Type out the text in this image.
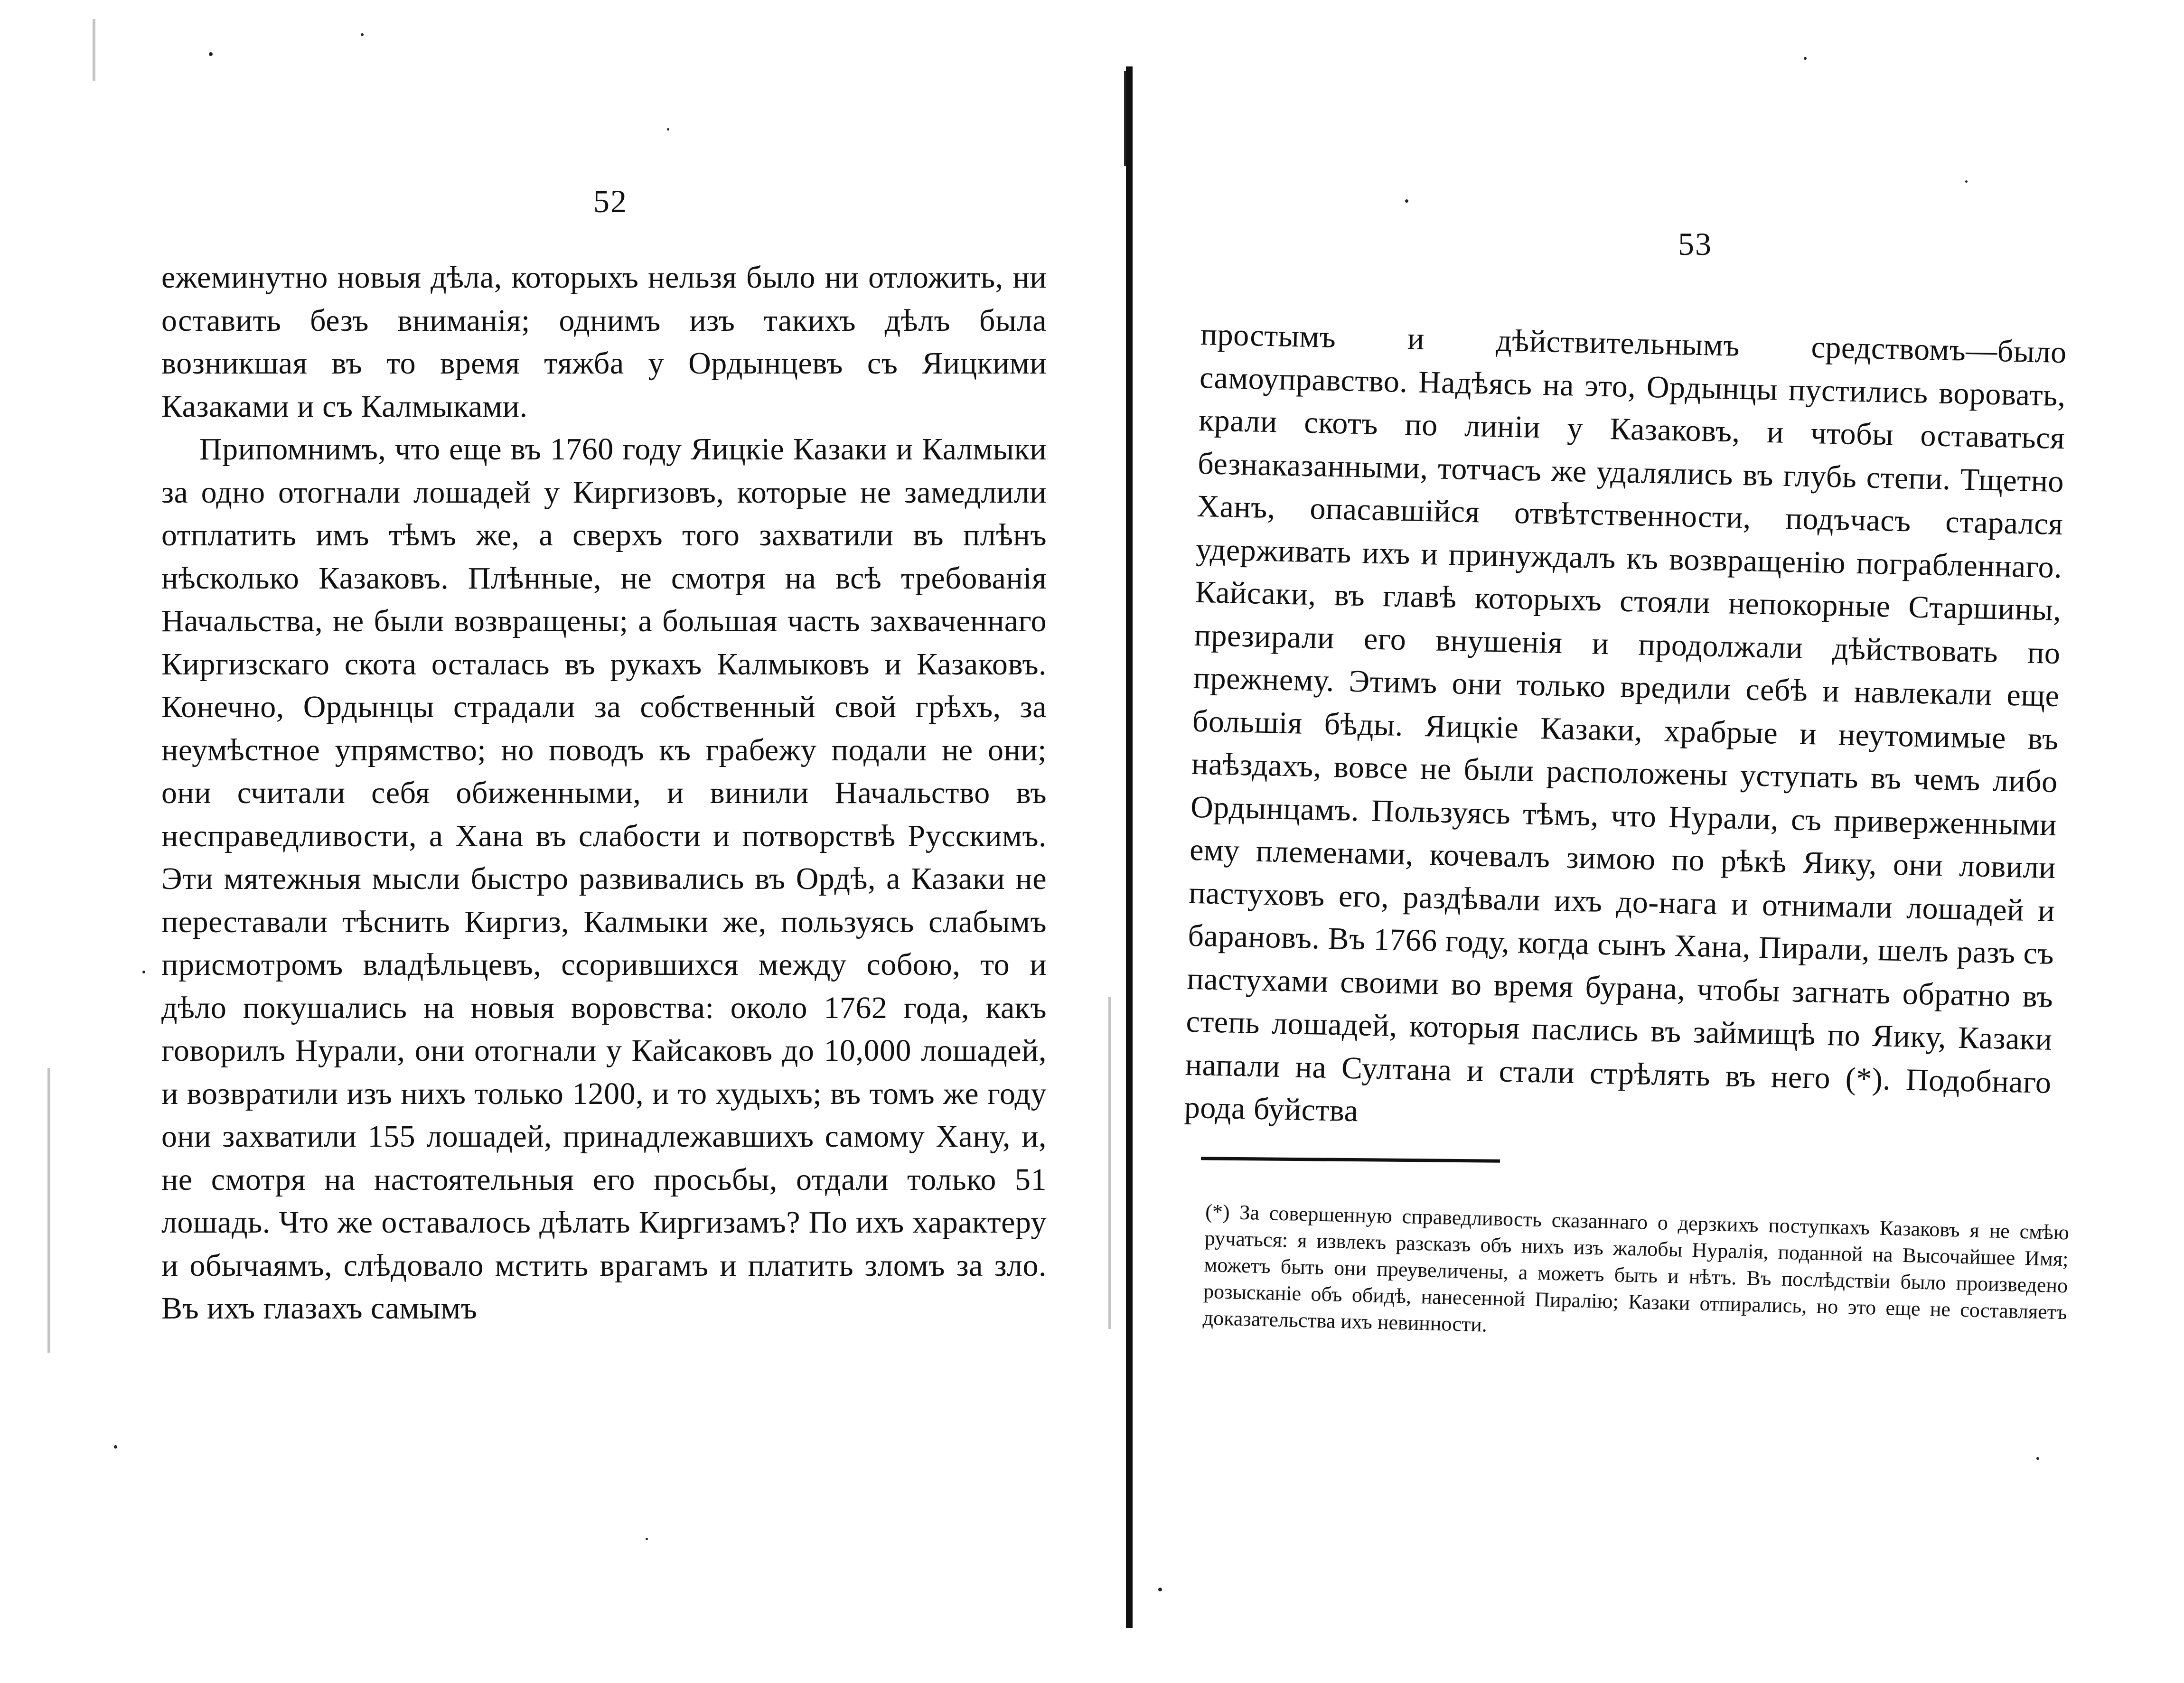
52

ежеминутно новыя дѣла, которыхъ нельзя было ни отложить, ни оставить безъ вниманія; однимъ изъ такихъ дѣлъ была возникшая въ то время тяжба у Ордынцевъ съ Яицкими Казаками и съ Калмыками.

Припомнимъ, что еще въ 1760 году Яицкіе Казаки и Калмыки за одно отогнали лошадей у Киргизовъ, которые не замедлили отплатить имъ тѣмъ же, а сверхъ того захватили въ плѣнъ нѣсколько Казаковъ. Плѣнные, не смотря на всѣ требованія Начальства, не были возвращены; а большая часть захваченнаго Киргизскаго скота осталась въ рукахъ Калмыковъ и Казаковъ. Конечно, Ордынцы страдали за собственный свой грѣхъ, за неумѣстное упрямство; но поводъ къ грабежу подали не они; они считали себя обиженными, и винили Начальство въ несправедливости, а Хана въ слабости и потворствѣ Русскимъ. Эти мятежныя мысли быстро развивались въ Ордѣ, а Казаки не переставали тѣснить Киргиз, Калмыки же, пользуясь слабымъ присмотромъ владѣльцевъ, ссорившихся между собою, то и дѣло покушались на новыя воровства: около 1762 года, какъ говорилъ Нурали, они отогнали у Кайсаковъ до 10,000 лошадей, и возвратили изъ нихъ только 1200, и то худыхъ; въ томъ же году они захватили 155 лошадей, принадлежавшихъ самому Хану, и, не смотря на настоятельныя его просьбы, отдали только 51 лошадь. Что же оставалось дѣлать Киргизамъ? По ихъ характеру и обычаямъ, слѣдовало мстить врагамъ и платить зломъ за зло. Въ ихъ глазахъ самымъ

53

простымъ и дѣйствительнымъ средствомъ—было самоуправство. Надѣясь на это, Ордынцы пустились воровать, крали скотъ по линіи у Казаковъ, и чтобы оставаться безнаказанными, тотчасъ же удалялись въ глубь степи. Тщетно Ханъ, опасавшійся отвѣтственности, подъчасъ старался удерживать ихъ и принуждалъ къ возвращенію пограбленнаго. Кайсаки, въ главѣ которыхъ стояли непокорные Старшины, презирали его внушенія и продолжали дѣйствовать по прежнему. Этимъ они только вредили себѣ и навлекали еще большія бѣды. Яицкіе Казаки, храбрые и неутомимые въ наѣздахъ, вовсе не были расположены уступать въ чемъ либо Ордынцамъ. Пользуясь тѣмъ, что Нурали, съ приверженными ему племенами, кочевалъ зимою по рѣкѣ Яику, они ловили пастуховъ его, раздѣвали ихъ до-нага и отнимали лошадей и барановъ. Въ 1766 году, когда сынъ Хана, Пирали, шелъ разъ съ пастухами своими во время бурана, чтобы загнать обратно въ степь лошадей, которыя паслись въ займищѣ по Яику, Казаки напали на Султана и стали стрѣлять въ него (*). Подобнаго рода буйства

(*) За совершенную справедливость сказаннаго о дерзкихъ поступкахъ Казаковъ я не смѣю ручаться: я извлекъ разсказъ объ нихъ изъ жалобы Нуралія, поданной на Высочайшее Имя; можетъ быть они преувеличены, а можетъ быть и нѣтъ. Въ послѣдствіи было произведено розысканіе объ обидѣ, нанесенной Пиралію; Казаки отпирались, но это еще не составляетъ доказательства ихъ невинности.
